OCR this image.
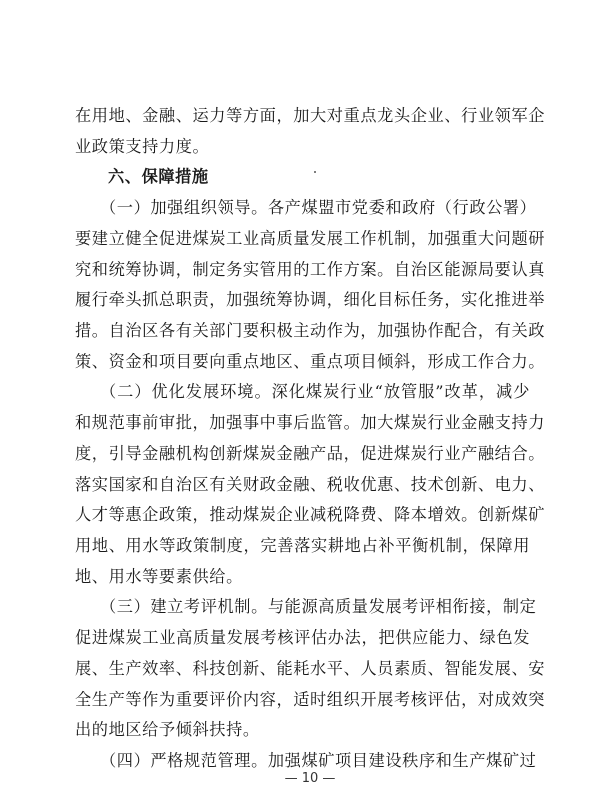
在用地、金融、运力等方面，加大对重点龙头企业、行业领军企
业政策支持力度。
六、保障措施
（一）加强组织领导。各产煤盟市党委和政府（行政公署）
要建立健全促进煤炭工业高质量发展工作机制，加强重大问题研
究和统筹协调，制定务实管用的工作方案。自治区能源局要认真
履行牵头抓总职责，加强统筹协调，细化目标任务，实化推进举
措。自治区各有关部门要积极主动作为，加强协作配合，有关政
策、资金和项目要向重点地区、重点项目倾斜，形成工作合力。
（二）优化发展环境。深化煤炭行业“放管服”改革，减少
和规范事前审批，加强事中事后监管。加大煤炭行业金融支持力
度，引导金融机构创新煤炭金融产品，促进煤炭行业产融结合。
落实国家和自治区有关财政金融、税收优惠、技术创新、电力、
人才等惠企政策，推动煤炭企业减税降费、降本增效。创新煤矿
用地、用水等政策制度，完善落实耕地占补平衡机制，保障用
地、用水等要素供给。
（三）建立考评机制。与能源高质量发展考评相衔接，制定
促进煤炭工业高质量发展考核评估办法，把供应能力、绿色发
展、生产效率、科技创新、能耗水平、人员素质、智能发展、安
全生产等作为重要评价内容，适时组织开展考核评估，对成效突
出的地区给予倾斜扶持。
（四）严格规范管理。加强煤矿项目建设秩序和生产煤矿过
— 10 —
